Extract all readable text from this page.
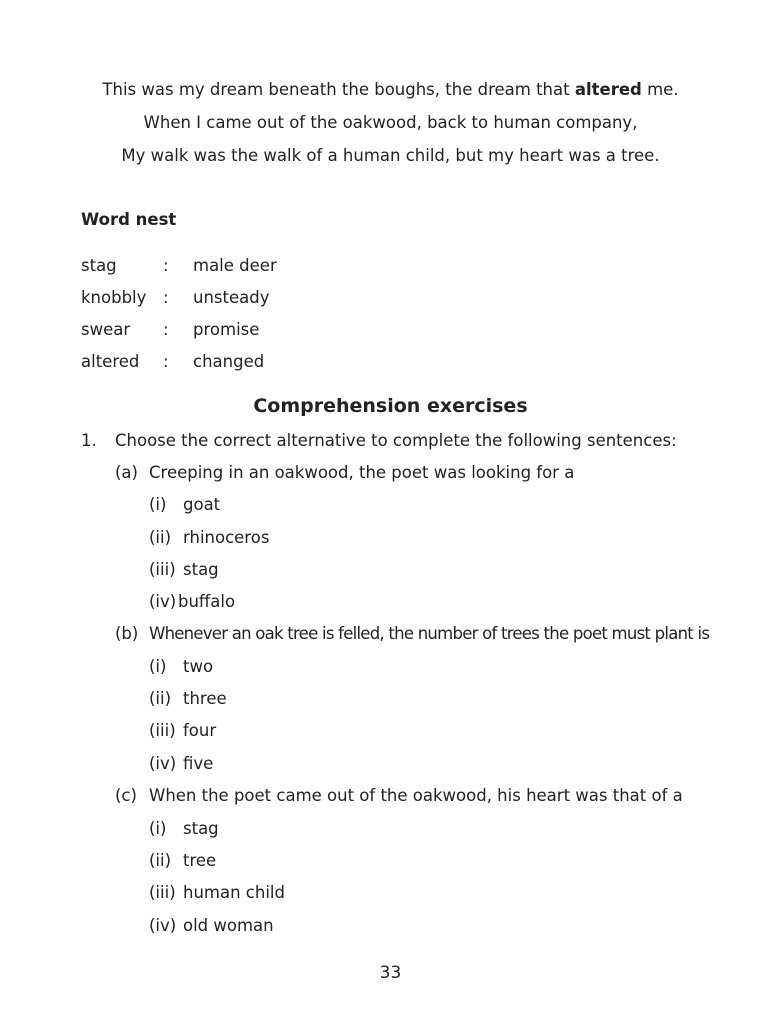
This was my dream beneath the boughs, the dream that altered me.
When I came out of the oakwood, back to human company,
My walk was the walk of a human child, but my heart was a tree.
Word nest
stag	: male deer
knobbly : unsteady
swear : promise
altered : changed
Comprehension exercises
1. Choose the correct alternative to complete the following sentences:
(a) Creeping in an oakwood, the poet was looking for a
(i) goat
(ii) rhinoceros
(iii) stag
(iv) buffalo
(b) Whenever an oak tree is felled, the number of trees the poet must plant is
(i) two
(ii) three
(iii) four
(iv) five
(c) When the poet came out of the oakwood, his heart was that of a
(i) stag
(ii) tree
(iii) human child
(iv) old woman
33
